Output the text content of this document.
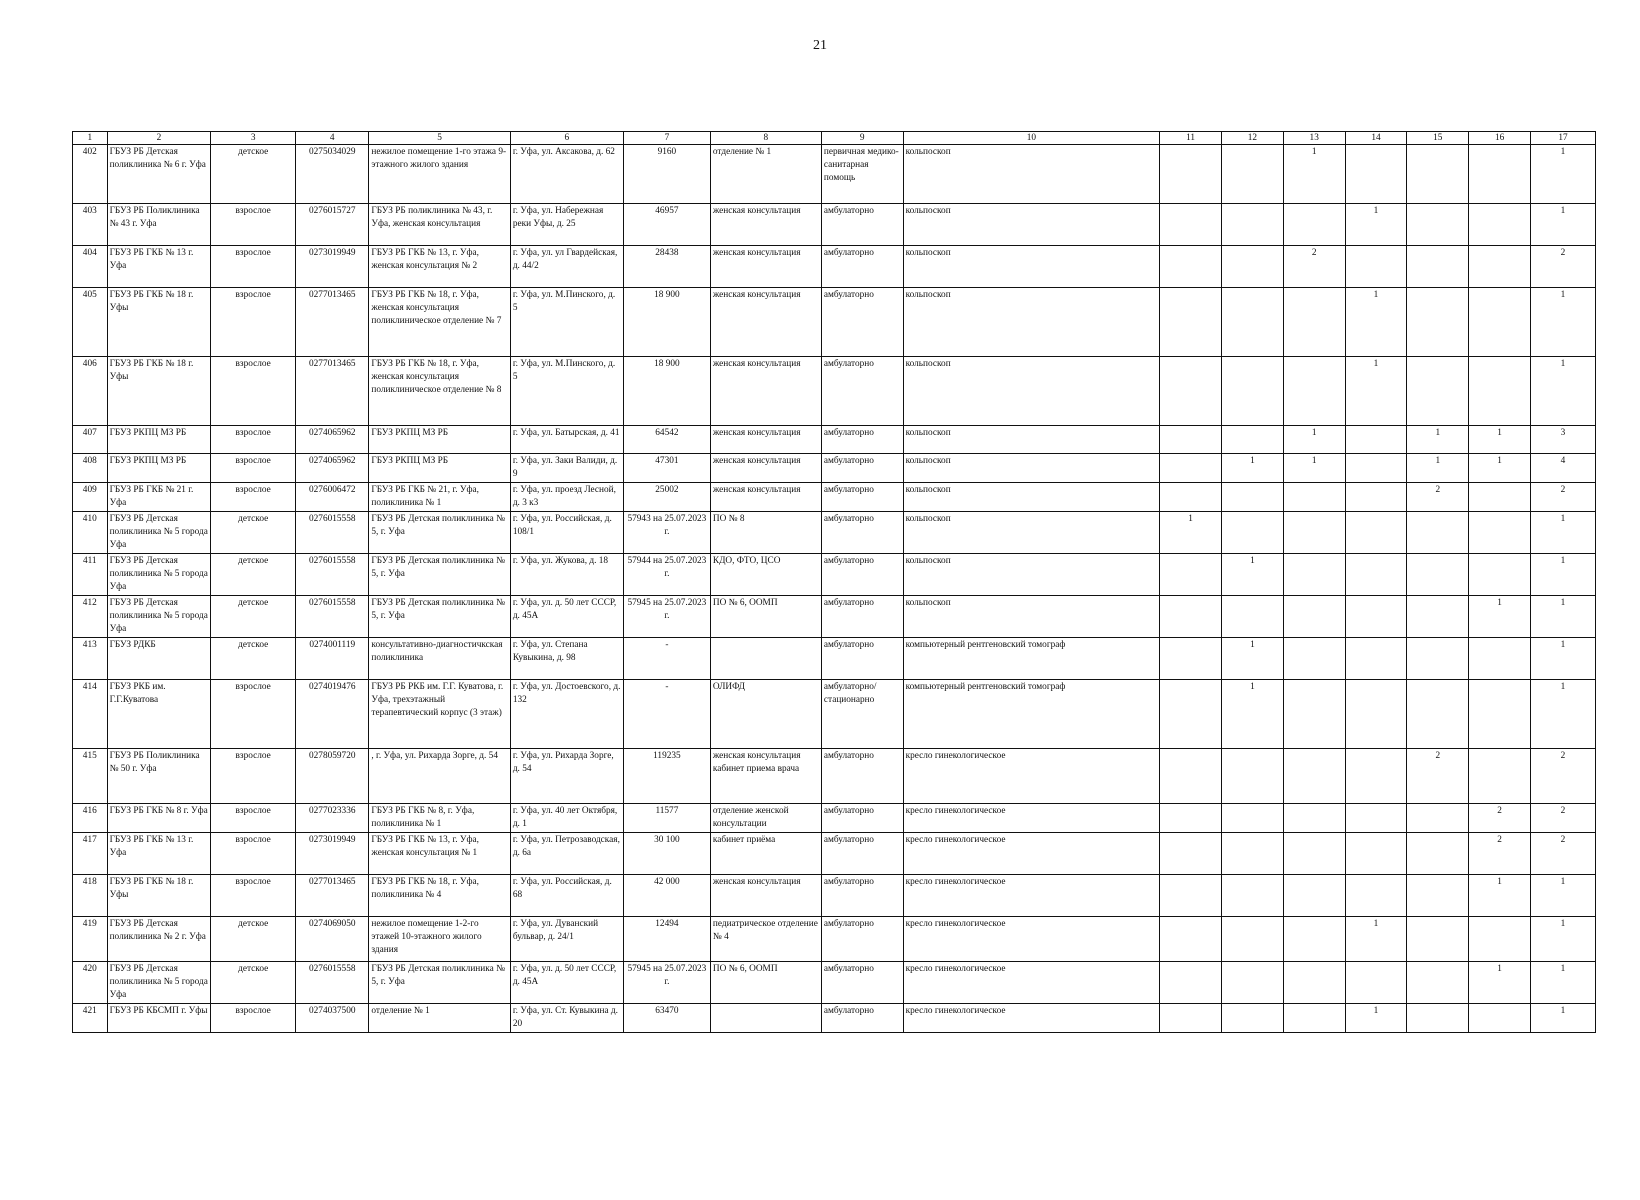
21
1	2	3	4	5	6	7	8	9	10	11	12	13	14	15	16	17
402	ГБУЗ РБ Детская поликлиника № 6 г. Уфа	детское	0275034029	нежилое помещение 1-го этажа 9-этажного жилого здания	г. Уфа, ул. Аксакова, д. 62	9160	отделение № 1	первичная медико-санитарная помощь	кольпоскоп			1				1
403	ГБУЗ РБ Поликлиника № 43 г. Уфа	взрослое	0276015727	ГБУЗ РБ поликлиника № 43, г. Уфа, женская консультация	г. Уфа, ул. Набережная реки Уфы, д. 25	46957	женская консультация	амбулаторно	кольпоскоп				1			1
404	ГБУЗ РБ ГКБ № 13 г. Уфа	взрослое	0273019949	ГБУЗ РБ ГКБ № 13, г. Уфа, женская консультация № 2	г. Уфа, ул. ул Гвардейская, д. 44/2	28438	женская консультация	амбулаторно	кольпоскоп			2				2
405	ГБУЗ РБ ГКБ № 18 г. Уфы	взрослое	0277013465	ГБУЗ РБ ГКБ № 18, г. Уфа, женская консультация поликлиническое отделение № 7	г. Уфа, ул. М.Пинского, д. 5	18 900	женская консультация	амбулаторно	кольпоскоп				1			1
406	ГБУЗ РБ ГКБ № 18 г. Уфы	взрослое	0277013465	ГБУЗ РБ ГКБ № 18, г. Уфа, женская консультация поликлиническое отделение № 8	г. Уфа, ул. М.Пинского, д. 5	18 900	женская консультация	амбулаторно	кольпоскоп				1			1
407	ГБУЗ РКПЦ МЗ РБ	взрослое	0274065962	ГБУЗ РКПЦ МЗ РБ	г. Уфа, ул. Батырская, д. 41	64542	женская консультация	амбулаторно	кольпоскоп			1		1	1	3
408	ГБУЗ РКПЦ МЗ РБ	взрослое	0274065962	ГБУЗ РКПЦ МЗ РБ	г. Уфа, ул. Заки Валиди, д. 9	47301	женская консультация	амбулаторно	кольпоскоп		1	1		1	1	4
409	ГБУЗ РБ ГКБ № 21 г. Уфа	взрослое	0276006472	ГБУЗ РБ ГКБ № 21, г. Уфа, поликлиника № 1	г. Уфа, ул. проезд Лесной, д. 3 к3	25002	женская консультация	амбулаторно	кольпоскоп					2		2
410	ГБУЗ РБ Детская поликлиника № 5 города Уфа	детское	0276015558	ГБУЗ РБ Детская поликлиника № 5, г. Уфа	г. Уфа, ул. Российская, д. 108/1	57943 на 25.07.2023 г.	ПО № 8	амбулаторно	кольпоскоп	1						1
411	ГБУЗ РБ Детская поликлиника № 5 города Уфа	детское	0276015558	ГБУЗ РБ Детская поликлиника № 5, г. Уфа	г. Уфа, ул. Жукова, д. 18	57944 на 25.07.2023 г.	КДО, ФТО, ЦСО	амбулаторно	кольпоскоп		1					1
412	ГБУЗ РБ Детская поликлиника № 5 города Уфа	детское	0276015558	ГБУЗ РБ Детская поликлиника № 5, г. Уфа	г. Уфа, ул. д. 50 лет СССР, д. 45А	57945 на 25.07.2023 г.	ПО № 6, ООМП	амбулаторно	кольпоскоп						1	1
413	ГБУЗ РДКБ	детское	0274001119	консультативно-диагностичкская поликлиника	г. Уфа, ул. Степана Кувыкина, д. 98	-		амбулаторно	компьютерный рентгеновский томограф		1					1
414	ГБУЗ РКБ им. Г.Г.Куватова	взрослое	0274019476	ГБУЗ РБ РКБ им. Г.Г. Куватова, г. Уфа, трехэтажный терапевтический корпус (3 этаж)	г. Уфа, ул. Достоевского, д. 132	-	ОЛИФД	амбулаторно/ стационарно	компьютерный рентгеновский томограф		1					1
415	ГБУЗ РБ Поликлиника № 50 г. Уфа	взрослое	0278059720	, г. Уфа, ул. Рихарда Зорге, д. 54	г. Уфа, ул. Рихарда Зорге, д. 54	119235	женская консультация кабинет приема врача	амбулаторно	кресло гинекологическое					2		2
416	ГБУЗ РБ ГКБ № 8 г. Уфа	взрослое	0277023336	ГБУЗ РБ ГКБ № 8, г. Уфа, поликлиника № 1	г. Уфа, ул. 40 лет Октября, д. 1	11577	отделение женской консультации	амбулаторно	кресло гинекологическое						2	2
417	ГБУЗ РБ ГКБ № 13 г. Уфа	взрослое	0273019949	ГБУЗ РБ ГКБ № 13, г. Уфа, женская консультация № 1	г. Уфа, ул. Петрозаводская, д. 6а	30 100	кабинет приёма	амбулаторно	кресло гинекологическое						2	2
418	ГБУЗ РБ ГКБ № 18 г. Уфы	взрослое	0277013465	ГБУЗ РБ ГКБ № 18, г. Уфа, поликлиника № 4	г. Уфа, ул. Российская, д. 68	42 000	женская консультация	амбулаторно	кресло гинекологическое						1	1
419	ГБУЗ РБ Детская поликлиника № 2 г. Уфа	детское	0274069050	нежилое помещение 1-2-го этажей 10-этажного жилого здания	г. Уфа, ул. Дуванский бульвар, д. 24/1	12494	педиатрическое отделение № 4	амбулаторно	кресло гинекологическое				1			1
420	ГБУЗ РБ Детская поликлиника № 5 города Уфа	детское	0276015558	ГБУЗ РБ Детская поликлиника № 5, г. Уфа	г. Уфа, ул. д. 50 лет СССР, д. 45А	57945 на 25.07.2023 г.	ПО № 6, ООМП	амбулаторно	кресло гинекологическое						1	1
421	ГБУЗ РБ КБСМП г. Уфы	взрослое	0274037500	отделение № 1	г. Уфа, ул. Ст. Кувыкина д. 20	63470		амбулаторно	кресло гинекологическое				1			1
